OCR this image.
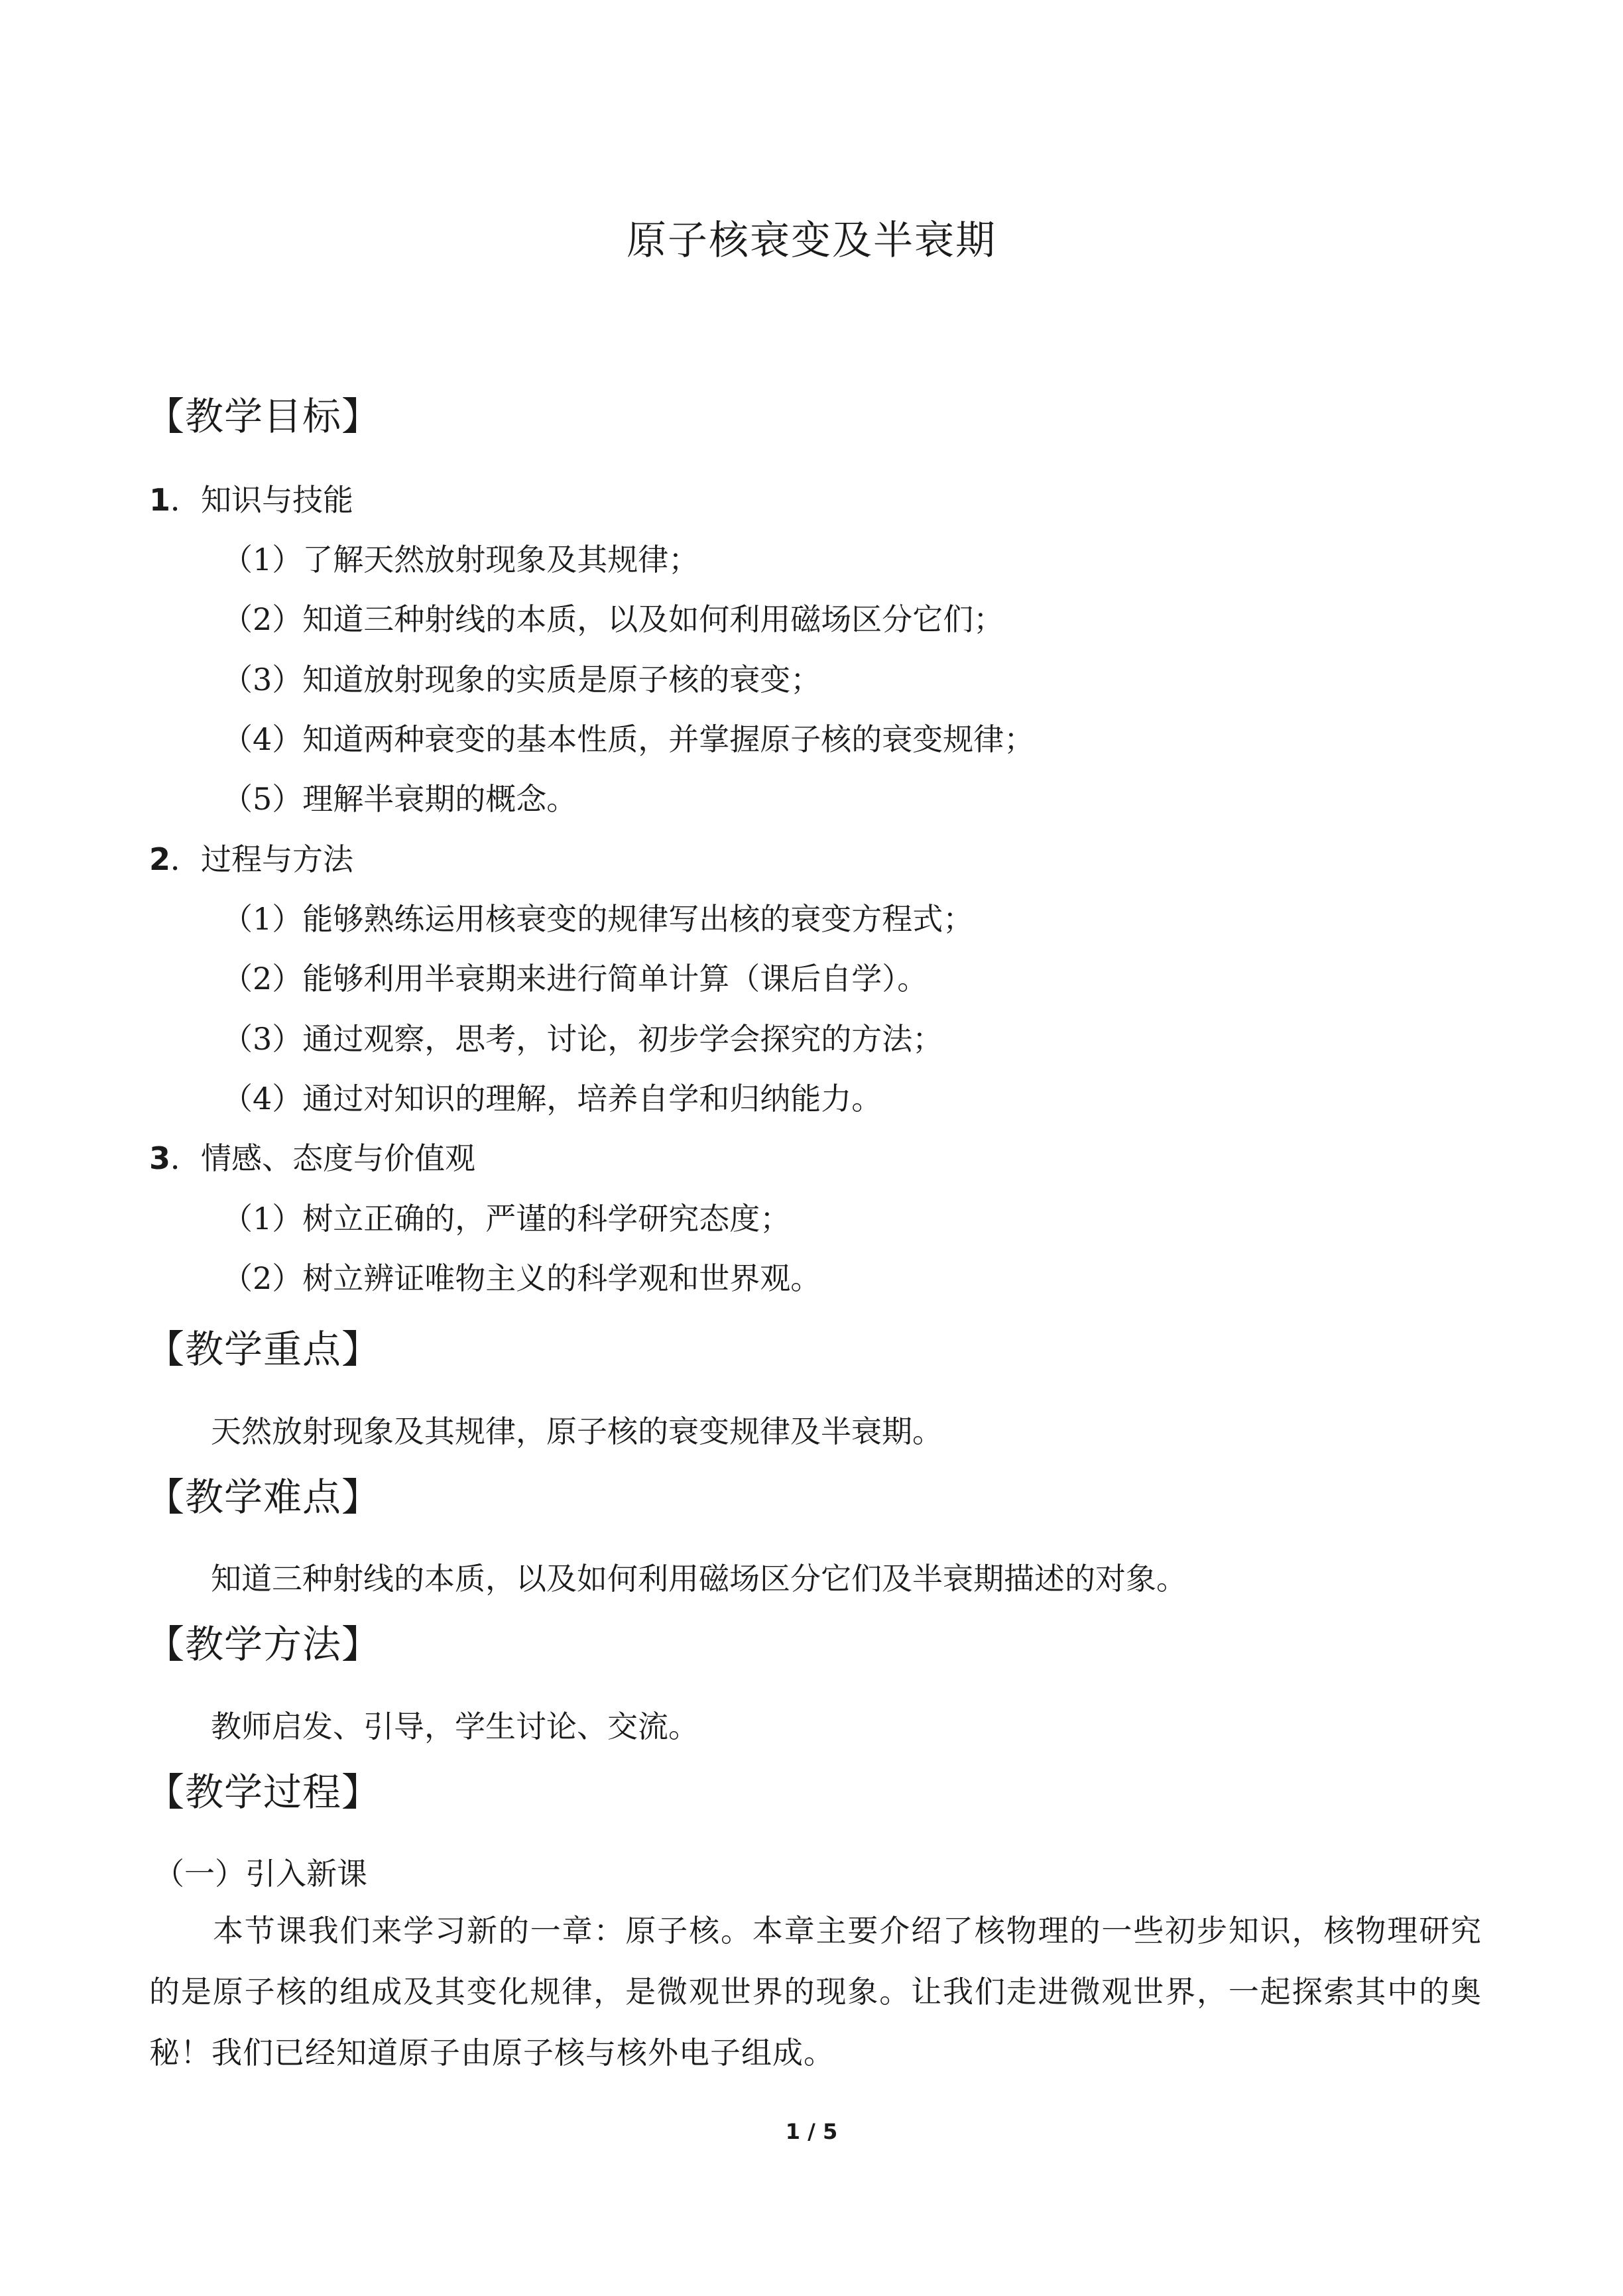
原子核衰变及半衰期
【教学目标】
1．知识与技能
（1）了解天然放射现象及其规律；
（2）知道三种射线的本质，以及如何利用磁场区分它们；
（3）知道放射现象的实质是原子核的衰变；
（4）知道两种衰变的基本性质，并掌握原子核的衰变规律；
（5）理解半衰期的概念。
2．过程与方法
（1）能够熟练运用核衰变的规律写出核的衰变方程式；
（2）能够利用半衰期来进行简单计算（课后自学）。
（3）通过观察，思考，讨论，初步学会探究的方法；
（4）通过对知识的理解，培养自学和归纳能力。
3．情感、态度与价值观
（1）树立正确的，严谨的科学研究态度；
（2）树立辨证唯物主义的科学观和世界观。
【教学重点】
天然放射现象及其规律，原子核的衰变规律及半衰期。
【教学难点】
知道三种射线的本质，以及如何利用磁场区分它们及半衰期描述的对象。
【教学方法】
教师启发、引导，学生讨论、交流。
【教学过程】
（一）引入新课
本节课我们来学习新的一章：原子核。本章主要介绍了核物理的一些初步知识，核物理研究的是原子核的组成及其变化规律，是微观世界的现象。让我们走进微观世界，一起探索其中的奥秘！我们已经知道原子由原子核与核外电子组成。
1 / 5
